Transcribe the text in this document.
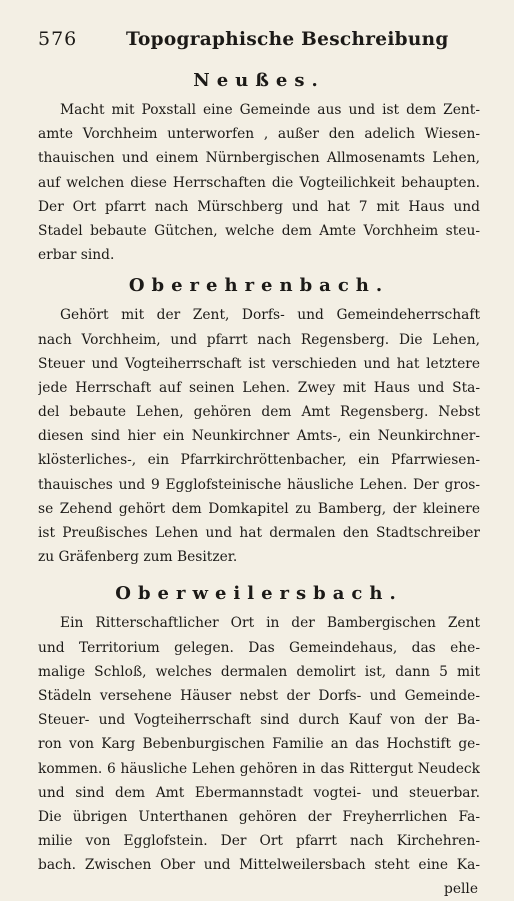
576	Topographische Beschreibung
Neußes.
Macht mit Poxstall eine Gemeinde aus und ist dem Zent-
amte Vorchheim unterworfen , außer den adelich Wiesen-
thauischen und einem Nürnbergischen Allmosenamts Lehen,
auf welchen diese Herrschaften die Vogteilichkeit behaupten.
Der Ort pfarrt nach Mürschberg und hat 7 mit Haus und
Stadel bebaute Gütchen, welche dem Amte Vorchheim steu-
erbar sind.
Oberehrenbach.
Gehört mit der Zent, Dorfs- und Gemeindeherrschaft
nach Vorchheim, und pfarrt nach Regensberg. Die Lehen,
Steuer und Vogteiherrschaft ist verschieden und hat letztere
jede Herrschaft auf seinen Lehen. Zwey mit Haus und Sta-
del bebaute Lehen, gehören dem Amt Regensberg. Nebst
diesen sind hier ein Neunkirchner Amts-, ein Neunkirchner-
klösterliches-, ein Pfarrkirchröttenbacher, ein Pfarrwiesen-
thauisches und 9 Egglofsteinische häusliche Lehen. Der gros-
se Zehend gehört dem Domkapitel zu Bamberg, der kleinere
ist Preußisches Lehen und hat dermalen den Stadtschreiber
zu Gräfenberg zum Besitzer.
Oberweilersbach.
Ein Ritterschaftlicher Ort in der Bambergischen Zent
und Territorium gelegen. Das Gemeindehaus, das ehe-
malige Schloß, welches dermalen demolirt ist, dann 5 mit
Städeln versehene Häuser nebst der Dorfs- und Gemeinde-
Steuer- und Vogteiherrschaft sind durch Kauf von der Ba-
ron von Karg Bebenburgischen Familie an das Hochstift ge-
kommen. 6 häusliche Lehen gehören in das Rittergut Neudeck
und sind dem Amt Ebermannstadt vogtei- und steuerbar.
Die übrigen Unterthanen gehören der Freyherrlichen Fa-
milie von Egglofstein. Der Ort pfarrt nach Kirchehren-
bach. Zwischen Ober und Mittelweilersbach steht eine Ka-
pelle
